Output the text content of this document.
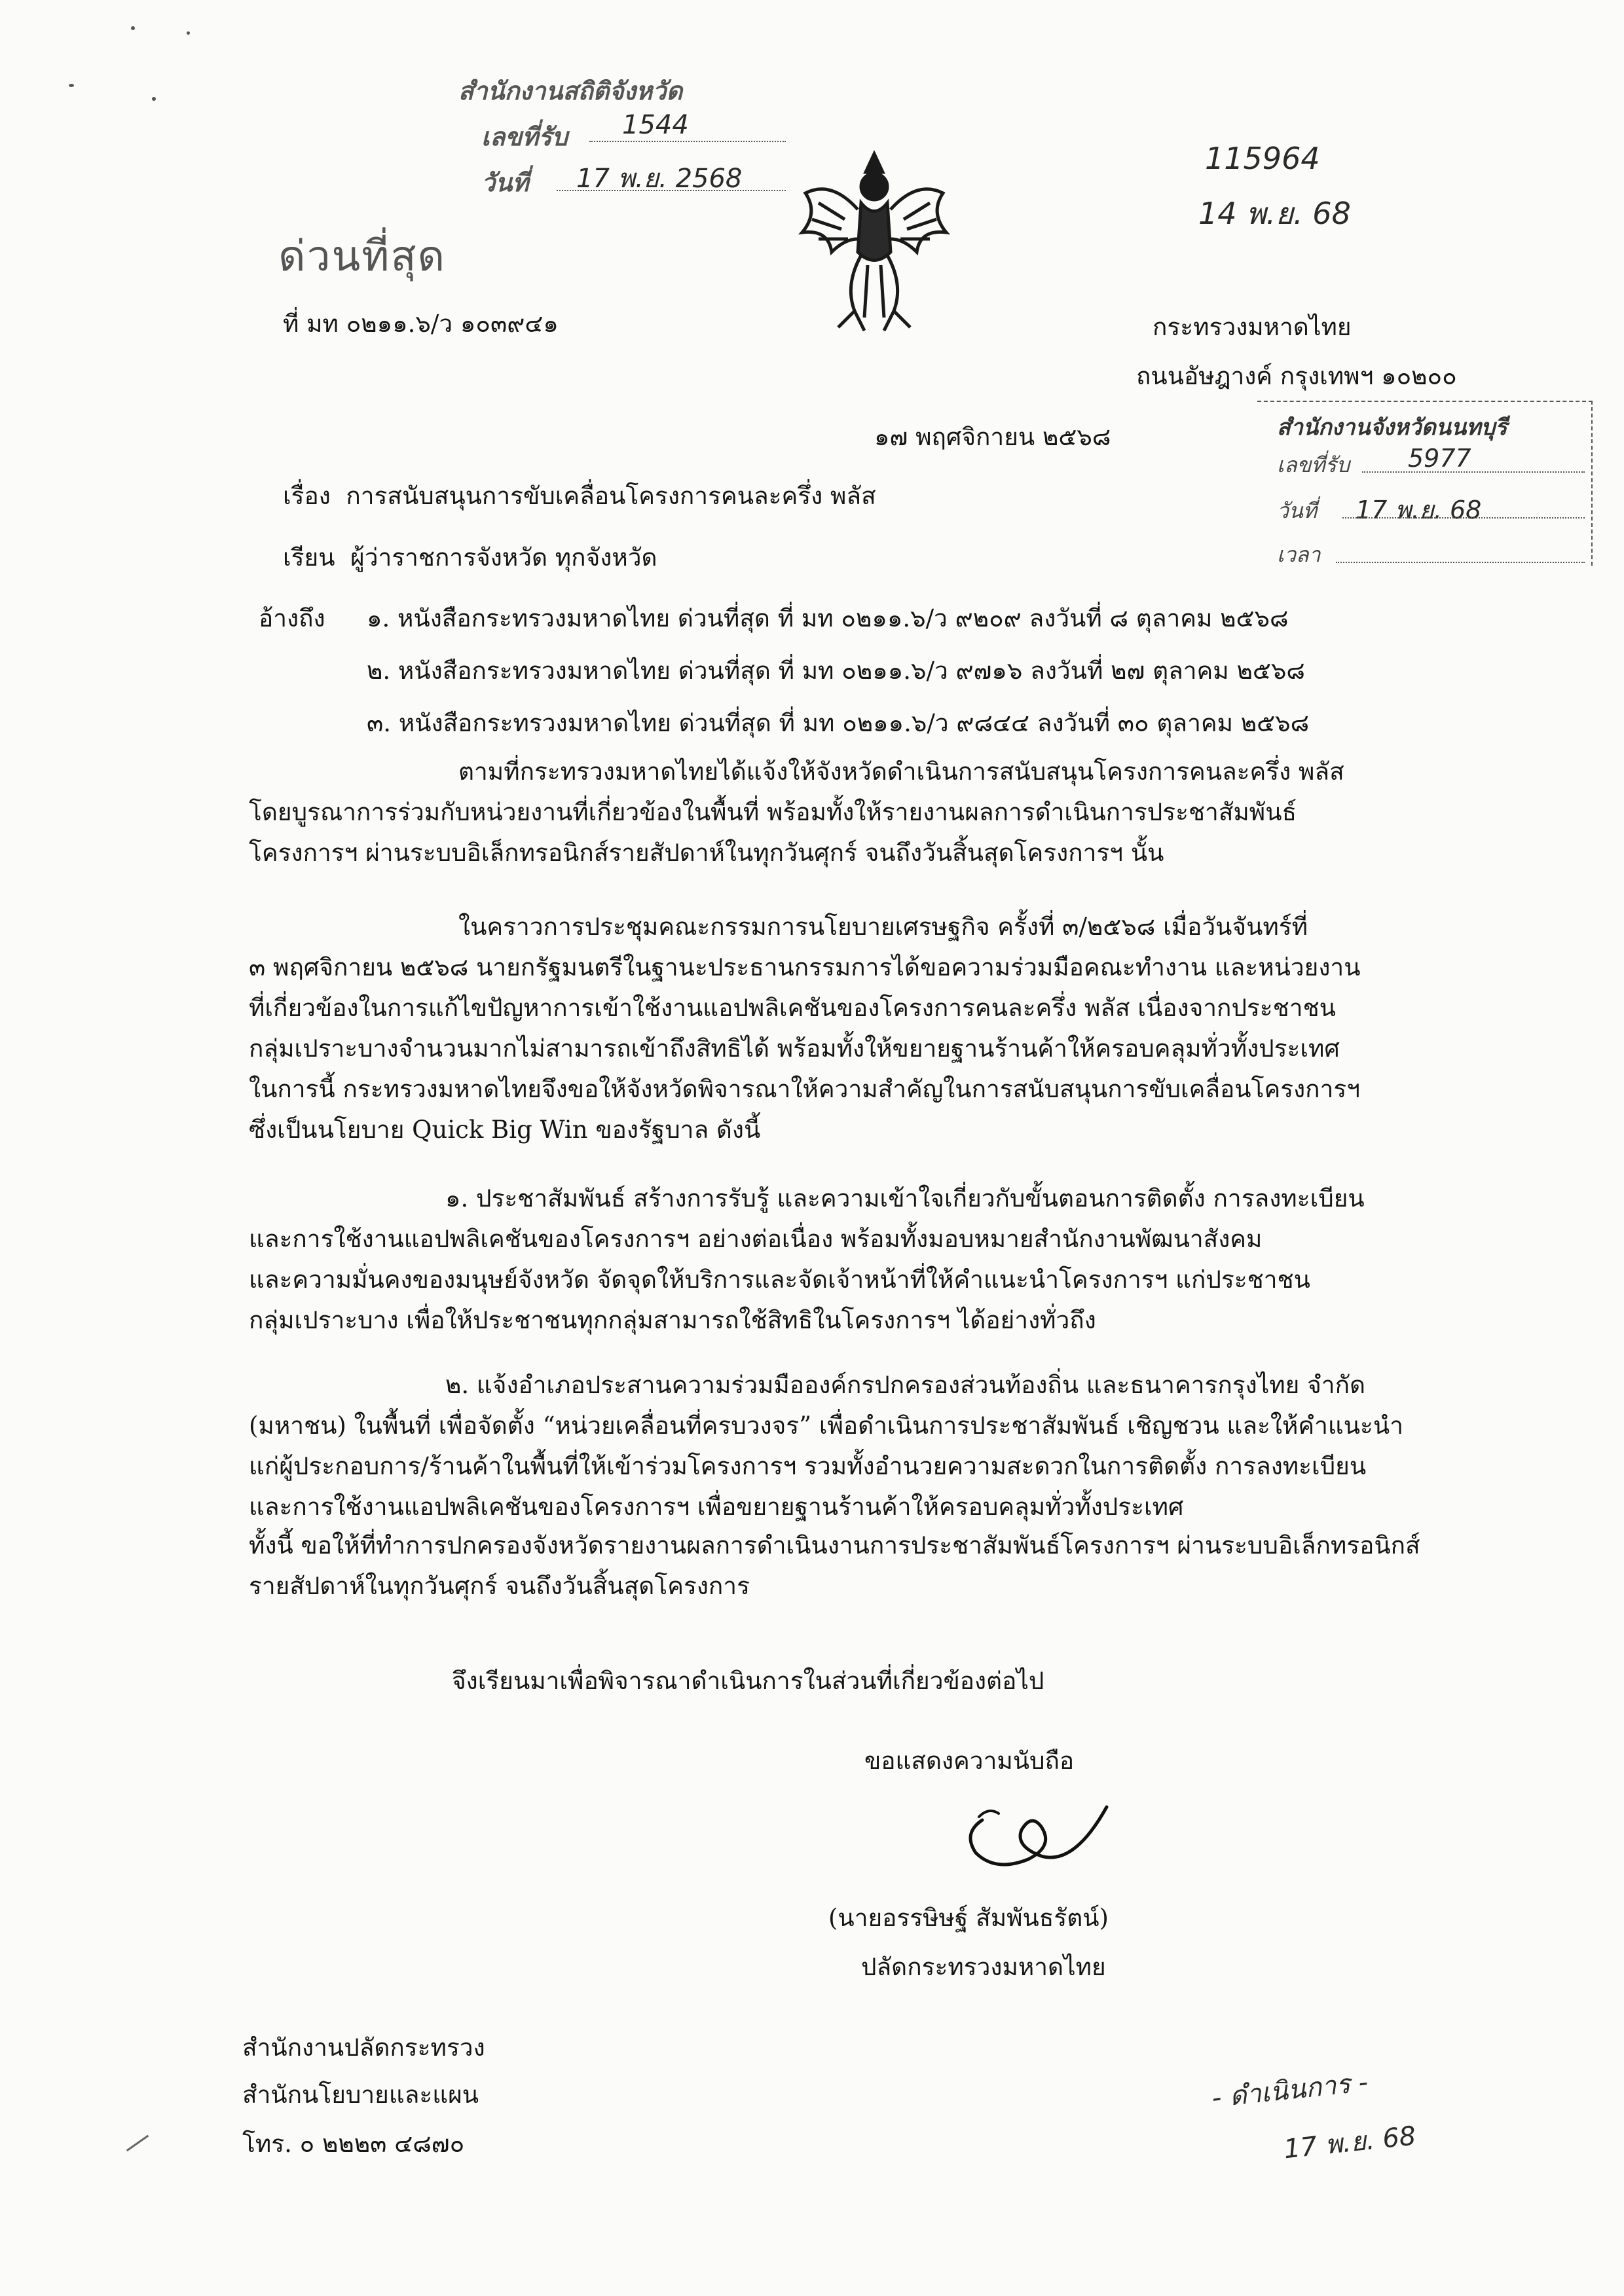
สำนักงานสถิติจังหวัด
เลขที่รับ 1544
วันที่ 17 พ.ย. 2568
115964
14 พ.ย. 68
ด่วนที่สุด
ที่ มท ๐๒๑๑.๖/ว ๑๐๓๙๔๑	กระทรวงมหาดไทย
ถนนอัษฎางค์ กรุงเทพฯ ๑๐๒๐๐
๑๗ พฤศจิกายน ๒๕๖๘	สำนักงานจังหวัดนนทบุรี
เลขที่รับ 5977
วันที่ 17 พ.ย. 68
เวลา
เรื่อง การสนับสนุนการขับเคลื่อนโครงการคนละครึ่ง พลัส
เรียน ผู้ว่าราชการจังหวัด ทุกจังหวัด
อ้างถึง ๑. หนังสือกระทรวงมหาดไทย ด่วนที่สุด ที่ มท ๐๒๑๑.๖/ว ๙๒๐๙ ลงวันที่ ๘ ตุลาคม ๒๕๖๘
๒. หนังสือกระทรวงมหาดไทย ด่วนที่สุด ที่ มท ๐๒๑๑.๖/ว ๙๗๑๖ ลงวันที่ ๒๗ ตุลาคม ๒๕๖๘
๓. หนังสือกระทรวงมหาดไทย ด่วนที่สุด ที่ มท ๐๒๑๑.๖/ว ๙๘๔๔ ลงวันที่ ๓๐ ตุลาคม ๒๕๖๘
ตามที่กระทรวงมหาดไทยได้แจ้งให้จังหวัดดำเนินการสนับสนุนโครงการคนละครึ่ง พลัส
โดยบูรณาการร่วมกับหน่วยงานที่เกี่ยวข้องในพื้นที่ พร้อมทั้งให้รายงานผลการดำเนินการประชาสัมพันธ์
โครงการฯ ผ่านระบบอิเล็กทรอนิกส์รายสัปดาห์ในทุกวันศุกร์ จนถึงวันสิ้นสุดโครงการฯ นั้น
ในคราวการประชุมคณะกรรมการนโยบายเศรษฐกิจ ครั้งที่ ๓/๒๕๖๘ เมื่อวันจันทร์ที่
๓ พฤศจิกายน ๒๕๖๘ นายกรัฐมนตรีในฐานะประธานกรรมการได้ขอความร่วมมือคณะทำงาน และหน่วยงาน
ที่เกี่ยวข้องในการแก้ไขปัญหาการเข้าใช้งานแอปพลิเคชันของโครงการคนละครึ่ง พลัส เนื่องจากประชาชน
กลุ่มเปราะบางจำนวนมากไม่สามารถเข้าถึงสิทธิได้ พร้อมทั้งให้ขยายฐานร้านค้าให้ครอบคลุมทั่วทั้งประเทศ
ในการนี้ กระทรวงมหาดไทยจึงขอให้จังหวัดพิจารณาให้ความสำคัญในการสนับสนุนการขับเคลื่อนโครงการฯ
ซึ่งเป็นนโยบาย Quick Big Win ของรัฐบาล ดังนี้
๑. ประชาสัมพันธ์ สร้างการรับรู้ และความเข้าใจเกี่ยวกับขั้นตอนการติดตั้ง การลงทะเบียน
และการใช้งานแอปพลิเคชันของโครงการฯ อย่างต่อเนื่อง พร้อมทั้งมอบหมายสำนักงานพัฒนาสังคม
และความมั่นคงของมนุษย์จังหวัด จัดจุดให้บริการและจัดเจ้าหน้าที่ให้คำแนะนำโครงการฯ แก่ประชาชน
กลุ่มเปราะบาง เพื่อให้ประชาชนทุกกลุ่มสามารถใช้สิทธิในโครงการฯ ได้อย่างทั่วถึง
๒. แจ้งอำเภอประสานความร่วมมือองค์กรปกครองส่วนท้องถิ่น และธนาคารกรุงไทย จำกัด
(มหาชน) ในพื้นที่ เพื่อจัดตั้ง “หน่วยเคลื่อนที่ครบวงจร” เพื่อดำเนินการประชาสัมพันธ์ เชิญชวน และให้คำแนะนำ
แก่ผู้ประกอบการ/ร้านค้าในพื้นที่ให้เข้าร่วมโครงการฯ รวมทั้งอำนวยความสะดวกในการติดตั้ง การลงทะเบียน
และการใช้งานแอปพลิเคชันของโครงการฯ เพื่อขยายฐานร้านค้าให้ครอบคลุมทั่วทั้งประเทศ
ทั้งนี้ ขอให้ที่ทำการปกครองจังหวัดรายงานผลการดำเนินงานการประชาสัมพันธ์โครงการฯ ผ่านระบบอิเล็กทรอนิกส์
รายสัปดาห์ในทุกวันศุกร์ จนถึงวันสิ้นสุดโครงการ
จึงเรียนมาเพื่อพิจารณาดำเนินการในส่วนที่เกี่ยวข้องต่อไป
ขอแสดงความนับถือ
(นายอรรษิษฐ์ สัมพันธรัตน์)
ปลัดกระทรวงมหาดไทย
สำนักงานปลัดกระทรวง
สำนักนโยบายและแผน
โทร. ๐ ๒๒๒๓ ๔๘๗๐
- ดำเนินการ -
17 พ.ย. 68
